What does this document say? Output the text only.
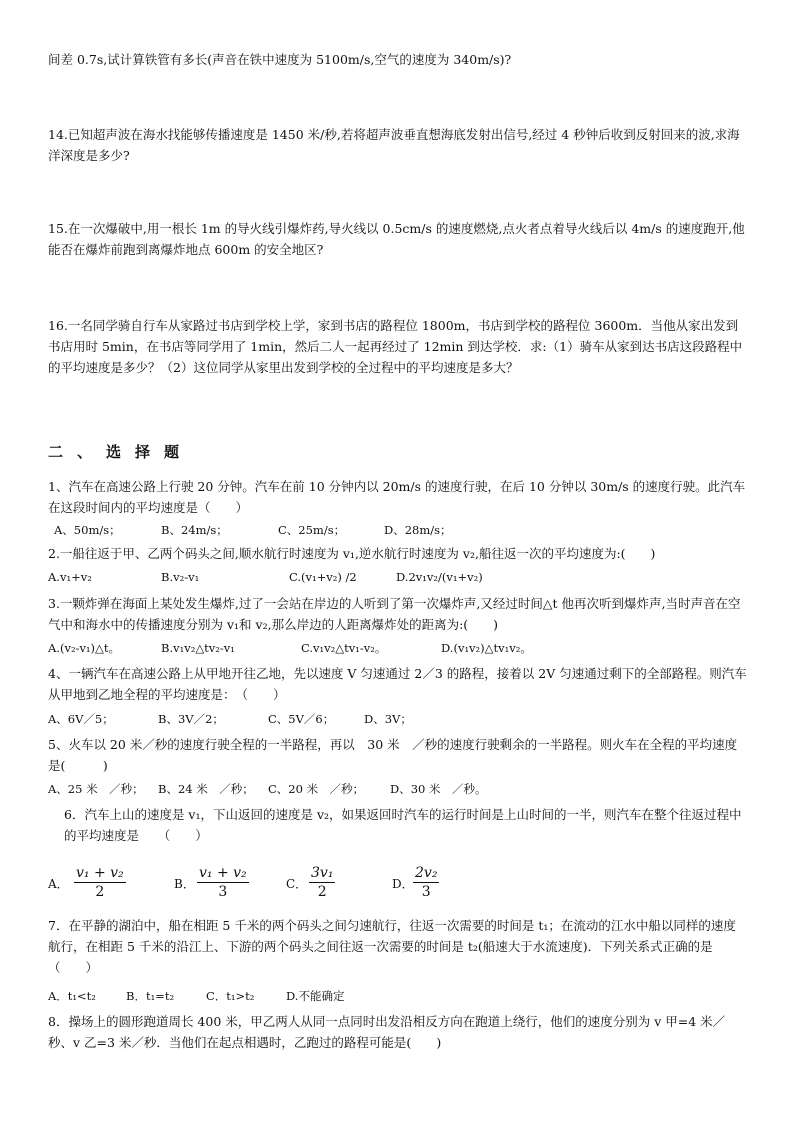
间差 0.7s,试计算铁管有多长(声音在铁中速度为 5100m/s,空气的速度为 340m/s)?
14.已知超声波在海水找能够传播速度是 1450 米/秒,若将超声波垂直想海底发射出信号,经过 4 秒钟后收到反射回来的波,求海洋深度是多少?
15.在一次爆破中,用一根长 1m 的导火线引爆炸药,导火线以 0.5cm/s 的速度燃烧,点火者点着导火线后以 4m/s 的速度跑开,他能否在爆炸前跑到离爆炸地点 600m 的安全地区?
16.一名同学骑自行车从家路过书店到学校上学，家到书店的路程位 1800m，书店到学校的路程位 3600m．当他从家出发到书店用时 5min，在书店等同学用了 1min，然后二人一起再经过了 12min 到达学校．求:（1）骑车从家到达书店这段路程中的平均速度是多少？（2）这位同学从家里出发到学校的全过程中的平均速度是多大？
二、选择题
1、汽车在高速公路上行驶 20 分钟。汽车在前 10 分钟内以 20m/s 的速度行驶，在后 10 分钟以 30m/s 的速度行驶。此汽车在这段时间内的平均速度是（　　）
A、50m/s；	B、24m/s；	C、25m/s；	D、28m/s；
2.一船往返于甲、乙两个码头之间,顺水航行时速度为 v₁,逆水航行时速度为 v₂,船往返一次的平均速度为:(　　)
A.v₁+v₂	B.v₂-v₁	C.(v₁+v₂) /2	D.2v₁v₂/(v₁+v₂)
3.一颗炸弹在海面上某处发生爆炸,过了一会站在岸边的人听到了第一次爆炸声,又经过时间△t 他再次听到爆炸声,当时声音在空气中和海水中的传播速度分别为 v₁和 v₂,那么岸边的人距离爆炸处的距离为:(　　)
A.(v₂-v₁)△t。	B.v₁v₂△tv₂-v₁	C.v₁v₂△tv₁-v₂。	D.(v₁v₂)△tv₁v₂。
4、一辆汽车在高速公路上从甲地开往乙地，先以速度 V 匀速通过 2／3 的路程，接着以 2V 匀速通过剩下的全部路程。则汽车从甲地到乙地全程的平均速度是：　（　　）
A、6V／5；	B、3V／2；	C、5V／6；	D、3V；
5、火车以 20 米／秒的速度行驶全程的一半路程，再以　30 米　／秒的速度行驶剩余的一半路程。则火车在全程的平均速度是(　　　)
A、25 米　／秒； B、24 米　／秒； C、20 米　／秒； D、30 米　／秒。
6．汽车上山的速度是 v₁，下山返回的速度是 v₂，如果返回时汽车的运行时间是上山时间的一半，则汽车在整个往返过程中的平均速度是　　（　　）
A． $\frac{\text{v₁ + v₂}}{2}$	B． $\frac{\text{v₁ + v₂}}{3}$	C． $\frac{\text{3v₁}}{2}$	D． $\frac{\text{2v₂}}{3}$
7．在平静的湖泊中，船在相距 5 千米的两个码头之间匀速航行，往返一次需要的时间是 t₁；在流动的江水中船以同样的速度航行，在相距 5 千米的沿江上、下游的两个码头之间往返一次需要的时间是 t₂(船速大于水流速度)．下列关系式正确的是　（　　）
A．t₁<t₂	B．t₁=t₂	C．t₁>t₂	D.不能确定
8．操场上的圆形跑道周长 400 米，甲乙两人从同一点同时出发沿相反方向在跑道上绕行，他们的速度分别为 v 甲=4 米／秒、v 乙=3 米／秒．当他们在起点相遇时，乙跑过的路程可能是(　　)
